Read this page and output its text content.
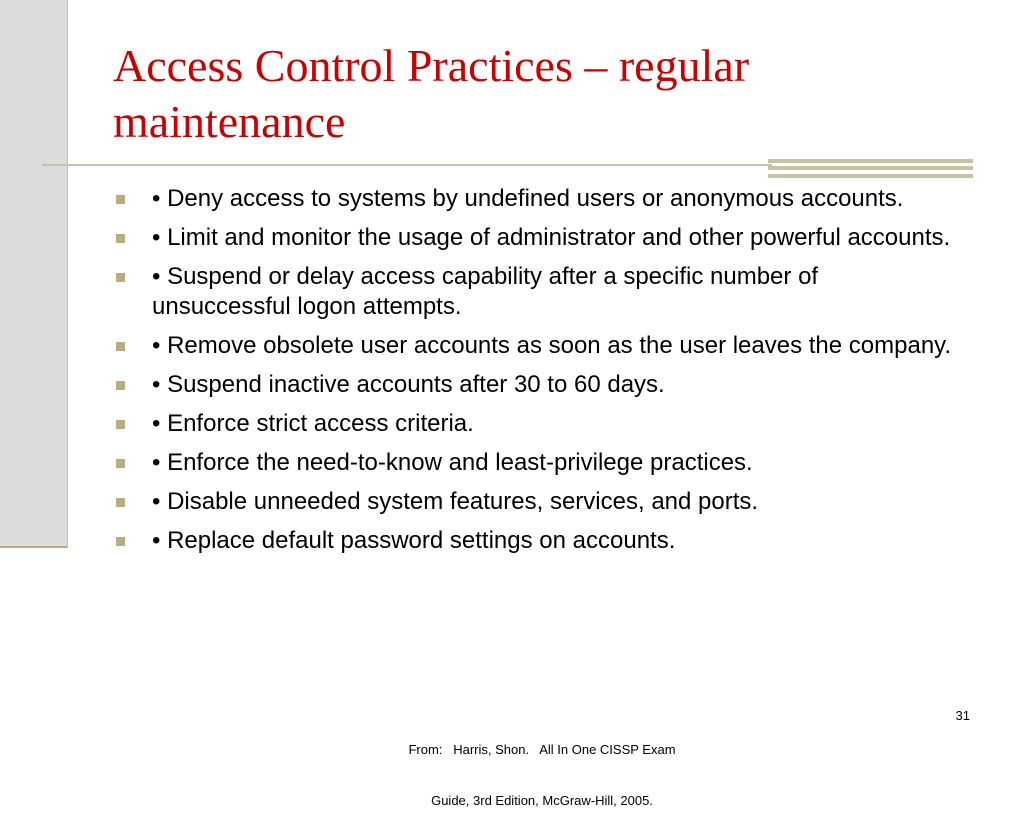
Access Control Practices – regular maintenance
• Deny access to systems by undefined users or anonymous accounts.
• Limit and monitor the usage of administrator and other powerful accounts.
• Suspend or delay access capability after a specific number of unsuccessful logon attempts.
• Remove obsolete user accounts as soon as the user leaves the company.
• Suspend inactive accounts after 30 to 60 days.
• Enforce strict access criteria.
• Enforce the need-to-know and least-privilege practices.
• Disable unneeded system features, services, and ports.
• Replace default password settings on accounts.

From:   Harris, Shon.   All In One CISSP Exam

Guide, 3rd Edition, McGraw-Hill, 2005.

31
